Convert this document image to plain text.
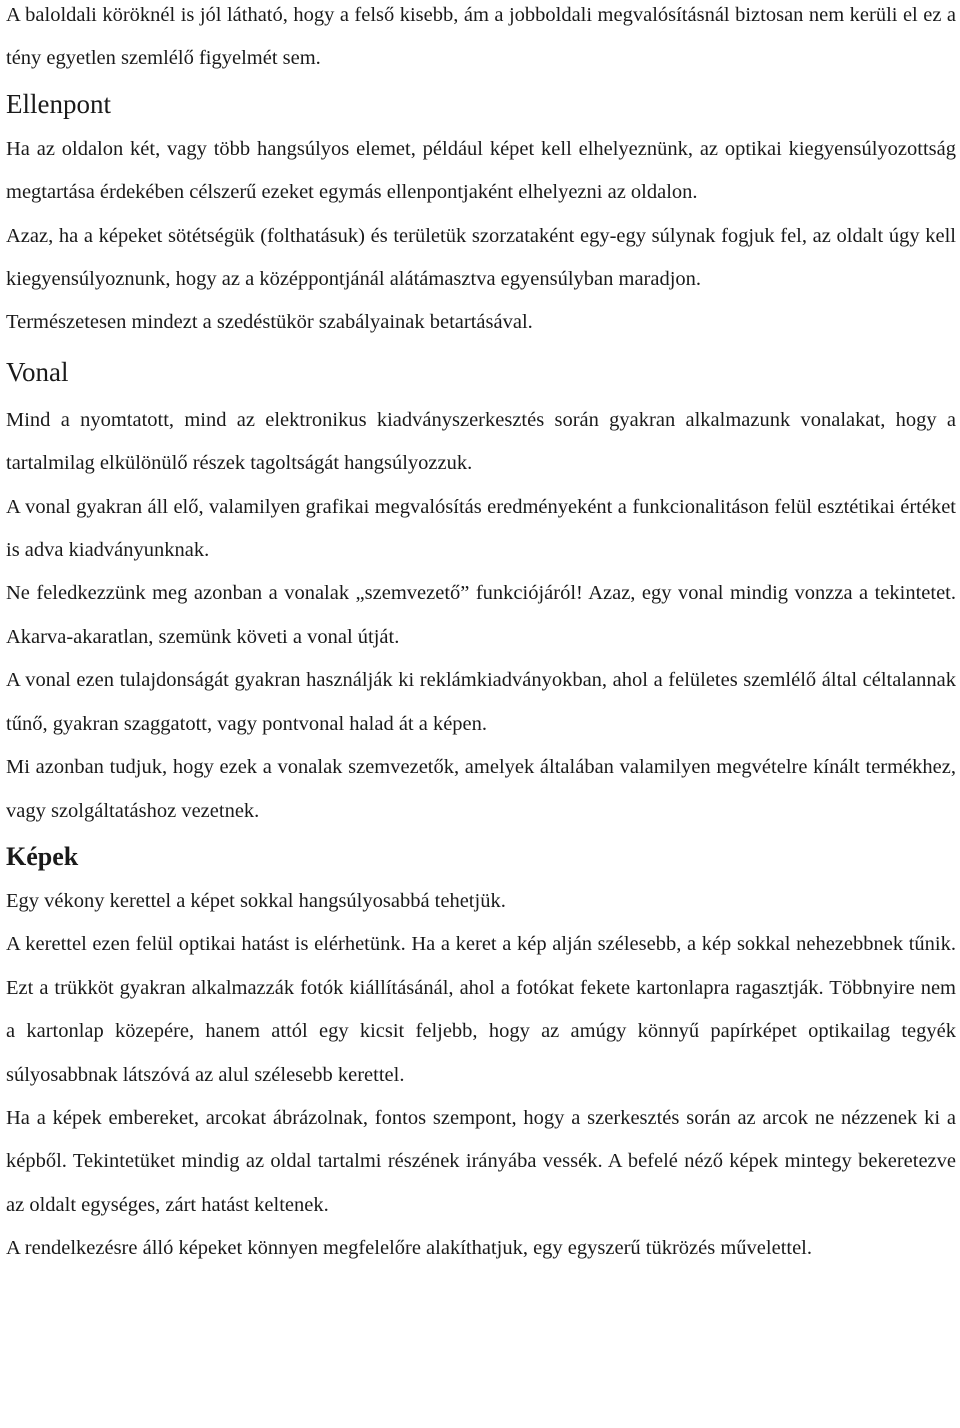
A baloldali köröknél is jól látható, hogy a felső kisebb, ám a jobboldali megvalósításnál biztosan nem kerüli el ez a tény egyetlen szemlélő figyelmét sem.

Ellenpont

Ha az oldalon két, vagy több hangsúlyos elemet, például képet kell elhelyeznünk, az optikai kiegyensúlyozottság megtartása érdekében célszerű ezeket egymás ellenpontjaként elhelyezni az oldalon.

Azaz, ha a képeket sötétségük (folthatásuk) és területük szorzataként egy-egy súlynak fogjuk fel, az oldalt úgy kell kiegyensúlyoznunk, hogy az a középpontjánál alátámasztva egyensúlyban maradjon.

Természetesen mindezt a szedéstükör szabályainak betartásával.

Vonal

Mind a nyomtatott, mind az elektronikus kiadványszerkesztés során gyakran alkalmazunk vonalakat, hogy a tartalmilag elkülönülő részek tagoltságát hangsúlyozzuk.

A vonal gyakran áll elő, valamilyen grafikai megvalósítás eredményeként a funkcionalitáson felül esztétikai értéket is adva kiadványunknak.

Ne feledkezzünk meg azonban a vonalak „szemvezető” funkciójáról! Azaz, egy vonal mindig vonzza a tekintetet. Akarva-akaratlan, szemünk követi a vonal útját.

A vonal ezen tulajdonságát gyakran használják ki reklámkiadványokban, ahol a felületes szemlélő által céltalannak tűnő, gyakran szaggatott, vagy pontvonal halad át a képen.

Mi azonban tudjuk, hogy ezek a vonalak szemvezetők, amelyek általában valamilyen megvételre kínált termékhez, vagy szolgáltatáshoz vezetnek.

Képek

Egy vékony kerettel a képet sokkal hangsúlyosabbá tehetjük.

A kerettel ezen felül optikai hatást is elérhetünk. Ha a keret a kép alján szélesebb, a kép sokkal nehezebbnek tűnik. Ezt a trükköt gyakran alkalmazzák fotók kiállításánál, ahol a fotókat fekete kartonlapra ragasztják. Többnyire nem a kartonlap közepére, hanem attól egy kicsit feljebb, hogy az amúgy könnyű papírképet optikailag tegyék súlyosabbnak látszóvá az alul szélesebb kerettel.

Ha a képek embereket, arcokat ábrázolnak, fontos szempont, hogy a szerkesztés során az arcok ne nézzenek ki a képből. Tekintetüket mindig az oldal tartalmi részének irányába vessék. A befelé néző képek mintegy bekeretezve az oldalt egységes, zárt hatást keltenek.

A rendelkezésre álló képeket könnyen megfelelőre alakíthatjuk, egy egyszerű tükrözés művelettel.
